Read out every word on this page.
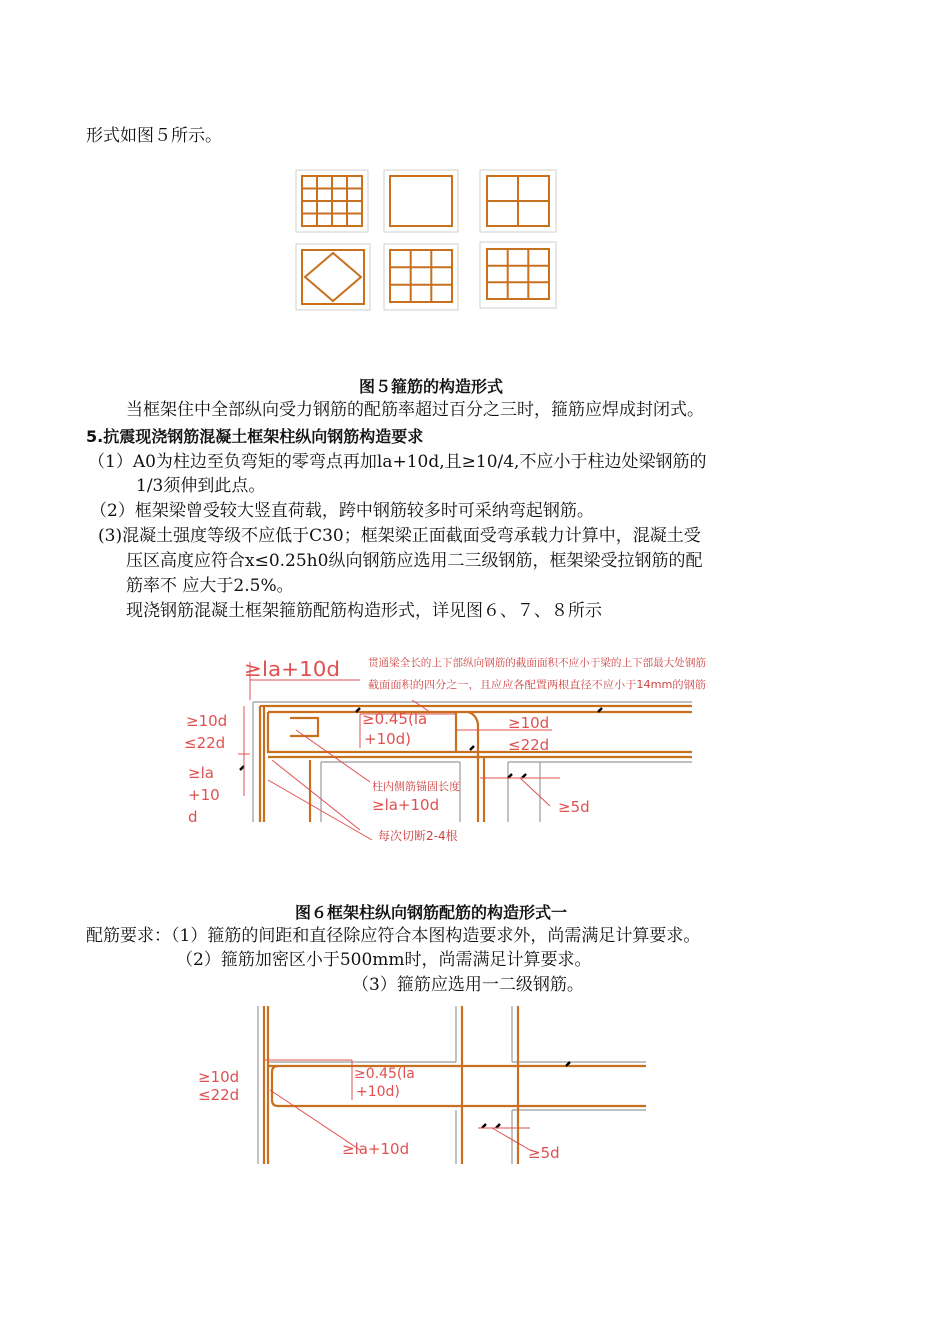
形式如图５所示。
图５箍筋的构造形式
当框架住中全部纵向受力钢筋的配筋率超过百分之三时，箍筋应焊成封闭式。
5.抗震现浇钢筋混凝土框架柱纵向钢筋构造要求
（1）A0为柱边至负弯矩的零弯点再加la+10d,且≥10/4,不应小于柱边处梁钢筋的
1/3须伸到此点。
（2）框架梁曾受较大竖直荷载，跨中钢筋较多时可采纳弯起钢筋。
(3)混凝土强度等级不应低于C30；框架梁正面截面受弯承载力计算中，混凝土受
压区高度应符合x≤0.25h0纵向钢筋应选用二三级钢筋，框架梁受拉钢筋的配
筋率不 应大于2.5%。
现浇钢筋混凝土框架箍筋配筋构造形式，详见图６、７、８所示
≥la+10d	贯通梁全长的上下部纵向钢筋的截面面积不应小于梁的上下部最大处钢筋
截面面积的四分之一，且应应各配置两根直径不应小于14mm的钢筋
≥10d
≤22d
≥la
+10
d
≥0.45(la
+10d)
≥10d
≤22d
柱内侧筋锚固长度
≥la+10d
每次切断2-4根
≥5d
图６框架柱纵向钢筋配筋的构造形式一
配筋要求：（1）箍筋的间距和直径除应符合本图构造要求外，尚需满足计算要求。
（2）箍筋加密区小于500mm时，尚需满足计算要求。
（3）箍筋应选用一二级钢筋。
≥10d
≤22d
≥0.45(la
+10d)
≥la+10d	≥5d
